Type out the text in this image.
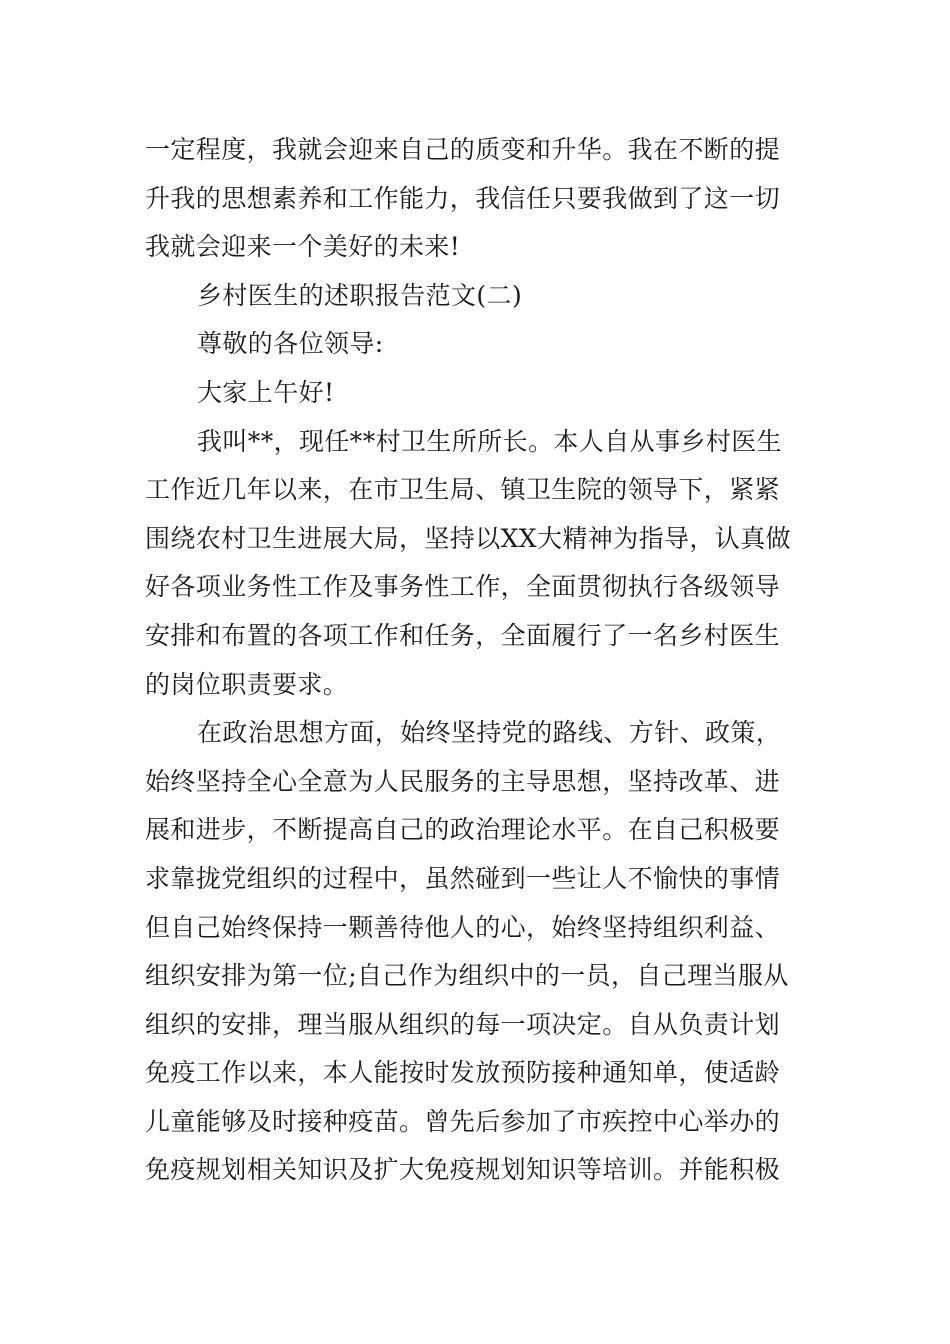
一定程度，我就会迎来自己的质变和升华。我在不断的提
升我的思想素养和工作能力，我信任只要我做到了这一切
我就会迎来一个美好的未来!
乡村医生的述职报告范文(二)
尊敬的各位领导:
大家上午好!
我叫**，现任**村卫生所所长。本人自从事乡村医生
工作近几年以来，在市卫生局、镇卫生院的领导下，紧紧
围绕农村卫生进展大局，坚持以XX大精神为指导，认真做
好各项业务性工作及事务性工作，全面贯彻执行各级领导
安排和布置的各项工作和任务，全面履行了一名乡村医生
的岗位职责要求。
在政治思想方面，始终坚持党的路线、方针、政策，
始终坚持全心全意为人民服务的主导思想，坚持改革、进
展和进步，不断提高自己的政治理论水平。在自己积极要
求靠拢党组织的过程中，虽然碰到一些让人不愉快的事情
但自己始终保持一颗善待他人的心，始终坚持组织利益、
组织安排为第一位;自己作为组织中的一员，自己理当服从
组织的安排，理当服从组织的每一项决定。自从负责计划
免疫工作以来，本人能按时发放预防接种通知单，使适龄
儿童能够及时接种疫苗。曾先后参加了市疾控中心举办的
免疫规划相关知识及扩大免疫规划知识等培训。并能积极
